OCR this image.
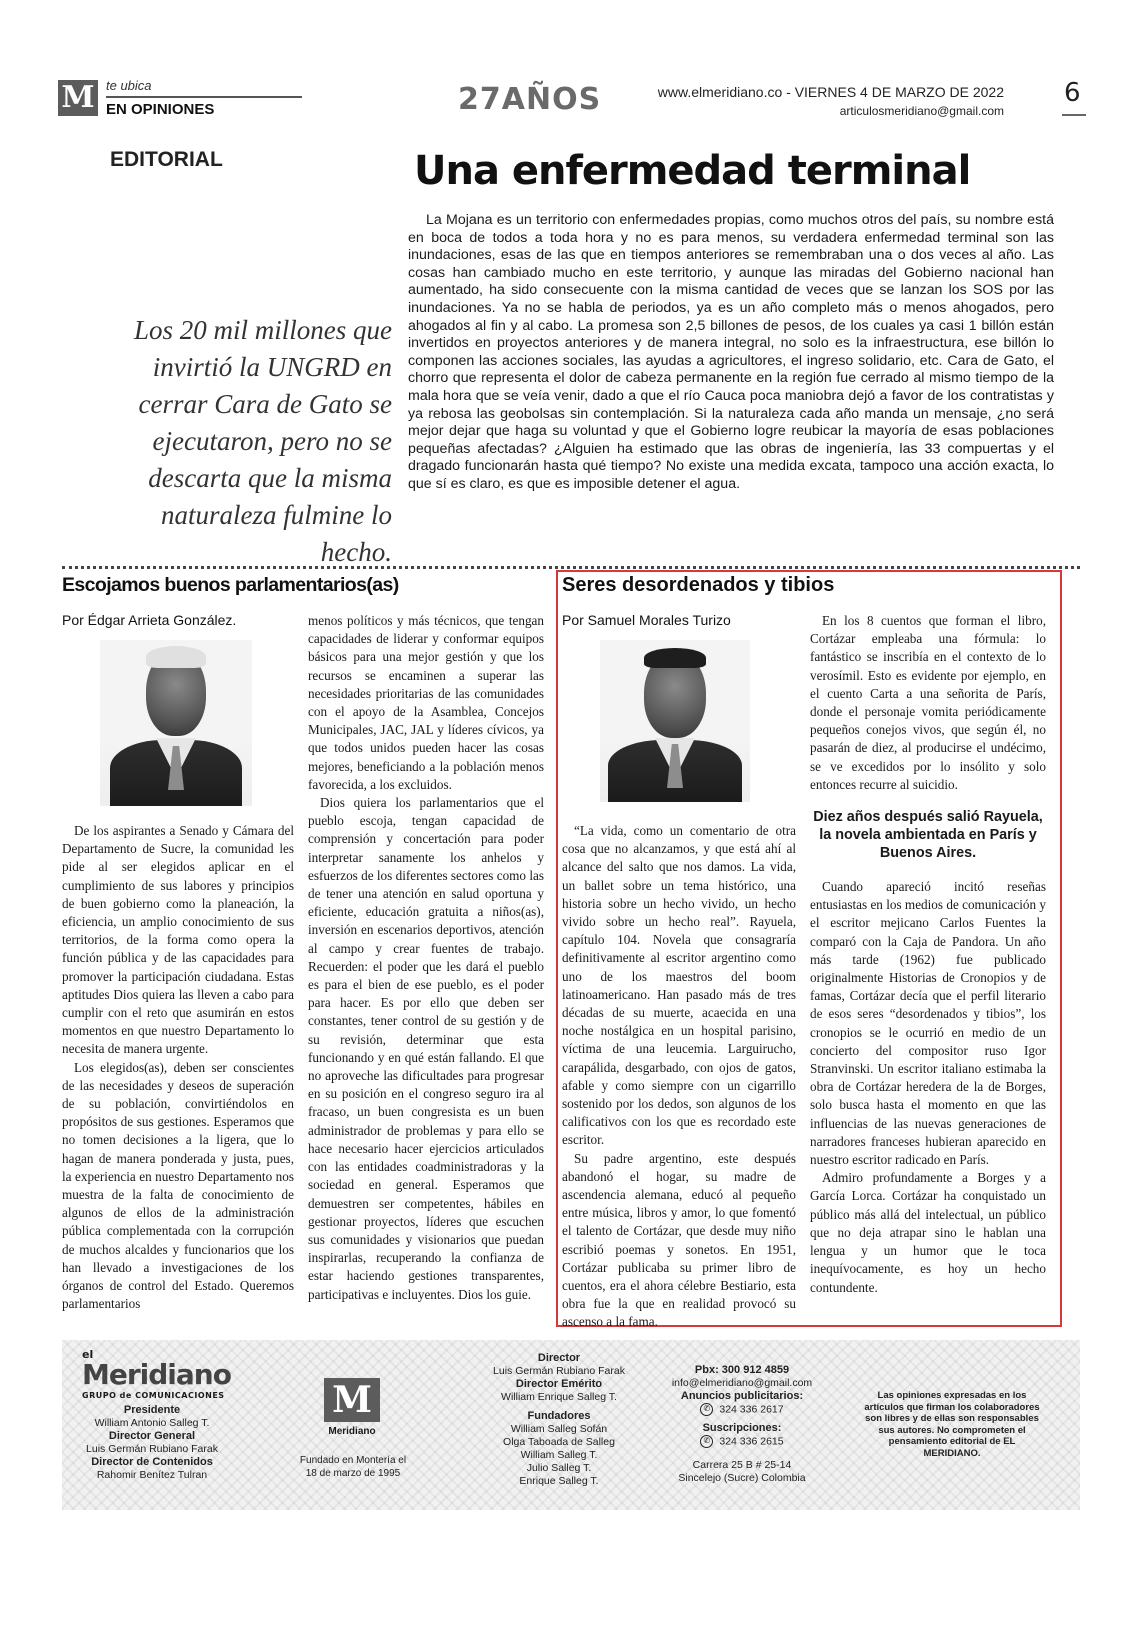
M te ubica
EN OPINIONES	27AÑOS	www.elmeridiano.co - VIERNES 4 DE MARZO DE 2022
articulosmeridiano@gmail.com
6
EDITORIAL	Una enfermedad terminal
Los 20 mil millones que invirtió la UNGRD en cerrar Cara de Gato se ejecutaron, pero no se descarta que la misma naturaleza fulmine lo hecho.
La Mojana es un territorio con enfermedades propias, como muchos otros del país, su nombre está en boca de todos a toda hora y no es para menos, su verdadera enfermedad terminal son las inundaciones, esas de las que en tiempos anteriores se remembraban una o dos veces al año. Las cosas han cambiado mucho en este territorio, y aunque las miradas del Gobierno nacional han aumentado, ha sido consecuente con la misma cantidad de veces que se lanzan los SOS por las inundaciones. Ya no se habla de periodos, ya es un año completo más o menos ahogados, pero ahogados al fin y al cabo. La promesa son 2,5 billones de pesos, de los cuales ya casi 1 billón están invertidos en proyectos anteriores y de manera integral, no solo es la infraestructura, ese billón lo componen las acciones sociales, las ayudas a agricultores, el ingreso solidario, etc. Cara de Gato, el chorro que representa el dolor de cabeza permanente en la región fue cerrado al mismo tiempo de la mala hora que se veía venir, dado a que el río Cauca poca maniobra dejó a favor de los contratistas y ya rebosa las geobolsas sin contemplación. Si la naturaleza cada año manda un mensaje, ¿no será mejor dejar que haga su voluntad y que el Gobierno logre reubicar la mayoría de esas poblaciones pequeñas afectadas? ¿Alguien ha estimado que las obras de ingeniería, las 33 compuertas y el dragado funcionarán hasta qué tiempo? No existe una medida excata, tampoco una acción exacta, lo que sí es claro, es que es imposible detener el agua.
Escojamos buenos parlamentarios(as)
Por Édgar Arrieta González.

De los aspirantes a Senado y Cámara del Departamento de Sucre, la comunidad les pide al ser elegidos aplicar en el cumplimiento de sus labores y principios de buen gobierno como la planeación, la eficiencia, un amplio conocimiento de sus territorios, de la forma como opera la función pública y de las capacidades para promover la participación ciudadana. Estas aptitudes Dios quiera las lleven a cabo para cumplir con el reto que asumirán en estos momentos en que nuestro Departamento lo necesita de manera urgente.

Los elegidos(as), deben ser conscientes de las necesidades y deseos de superación de su población, convirtiéndolos en propósitos de sus gestiones. Esperamos que no tomen decisiones a la ligera, que lo hagan de manera ponderada y justa, pues, la experiencia en nuestro Departamento nos muestra de la falta de conocimiento de algunos de ellos de la administración pública complementada con la corrupción de muchos alcaldes y funcionarios que los han llevado a investigaciones de los órganos de control del Estado. Queremos parlamentarios

menos políticos y más técnicos, que tengan capacidades de liderar y conformar equipos básicos para una mejor gestión y que los recursos se encaminen a superar las necesidades prioritarias de las comunidades con el apoyo de la Asamblea, Concejos Municipales, JAC, JAL y líderes cívicos, ya que todos unidos pueden hacer las cosas mejores, beneficiando a la población menos favorecida, a los excluidos.

Dios quiera los parlamentarios que el pueblo escoja, tengan capacidad de comprensión y concertación para poder interpretar sanamente los anhelos y esfuerzos de los diferentes sectores como las de tener una atención en salud oportuna y eficiente, educación gratuita a niños(as), inversión en escenarios deportivos, atención al campo y crear fuentes de trabajo. Recuerden: el poder que les dará el pueblo es para el bien de ese pueblo, es el poder para hacer. Es por ello que deben ser constantes, tener control de su gestión y de su revisión, determinar que esta funcionando y en qué están fallando. El que no aproveche las dificultades para progresar en su posición en el congreso seguro ira al fracaso, un buen congresista es un buen administrador de problemas y para ello se hace necesario hacer ejercicios articulados con las entidades coadministradoras y la sociedad en general. Esperamos que demuestren ser competentes, hábiles en gestionar proyectos, líderes que escuchen sus comunidades y visionarios que puedan inspirarlas, recuperando la confianza de estar haciendo gestiones transparentes, participativas e incluyentes. Dios los guie.

Seres desordenados y tibios
Por Samuel Morales Turizo

“La vida, como un comentario de otra cosa que no alcanzamos, y que está ahí al alcance del salto que nos damos. La vida, un ballet sobre un tema histórico, una historia sobre un hecho vivido, un hecho vivido sobre un hecho real”. Rayuela, capítulo 104. Novela que consagraría definitivamente al escritor argentino como uno de los maestros del boom latinoamericano. Han pasado más de tres décadas de su muerte, acaecida en una noche nostálgica en un hospital parisino, víctima de una leucemia. Larguirucho, carapálida, desgarbado, con ojos de gatos, afable y como siempre con un cigarrillo sostenido por los dedos, son algunos de los calificativos con los que es recordado este escritor.

Su padre argentino, este después abandonó el hogar, su madre de ascendencia alemana, educó al pequeño entre música, libros y amor, lo que fomentó el talento de Cortázar, que desde muy niño escribió poemas y sonetos. En 1951, Cortázar publicaba su primer libro de cuentos, era el ahora célebre Bestiario, esta obra fue la que en realidad provocó su ascenso a la fama.

En los 8 cuentos que forman el libro, Cortázar empleaba una fórmula: lo fantástico se inscribía en el contexto de lo verosímil. Esto es evidente por ejemplo, en el cuento Carta a una señorita de París, donde el personaje vomita periódicamente pequeños conejos vivos, que según él, no pasarán de diez, al producirse el undécimo, se ve excedidos por lo insólito y solo entonces recurre al suicidio.

Diez años después salió Rayuela, la novela ambientada en París y Buenos Aires.

Cuando apareció incitó reseñas entusiastas en los medios de comunicación y el escritor mejicano Carlos Fuentes la comparó con la Caja de Pandora. Un año más tarde (1962) fue publicado originalmente Historias de Cronopios y de famas, Cortázar decía que el perfil literario de esos seres “desordenados y tibios”, los cronopios se le ocurrió en medio de un concierto del compositor ruso Igor Stranvinski. Un escritor italiano estimaba la obra de Cortázar heredera de la de Borges, solo busca hasta el momento en que las influencias de las nuevas generaciones de narradores franceses hubieran aparecido en nuestro escritor radicado en París.

Admiro profundamente a Borges y a García Lorca. Cortázar ha conquistado un público más allá del intelectual, un público que no deja atrapar sino le hablan una lengua y un humor que le toca inequívocamente, es hoy un hecho contundente.

el
Meridiano
GRUPO de COMUNICACIONES
Presidente
William Antonio Salleg T.
Director General
Luis Germán Rubiano Farak
Director de Contenidos
Rahomir Benítez Tulran
M
Meridiano
Fundado en Montería el 18 de marzo de 1995
Director
Luis Germán Rubiano Farak
Director Emérito
William Enrique Salleg T.
Fundadores
William Salleg Sofán
Olga Taboada de Salleg
William Salleg T.
Julio Salleg T.
Enrique Salleg T.
Pbx: 300 912 4859
info@elmeridiano@gmail.com
Anuncios publicitarios:
✆ 324 336 2617
Suscripciones:
✆ 324 336 2615
Carrera 25 B # 25-14
Sincelejo (Sucre) Colombia
Las opiniones expresadas en los artículos que firman los colaboradores son libres y de ellas son responsables sus autores. No comprometen el pensamiento editorial de EL MERIDIANO.
